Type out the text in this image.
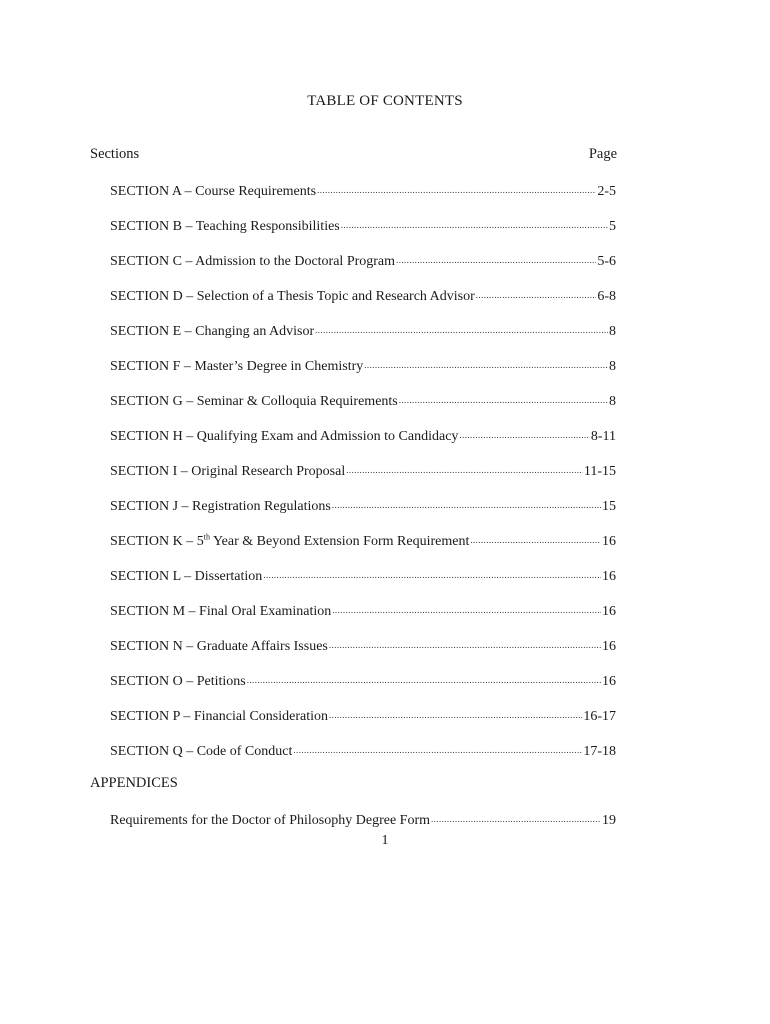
TABLE OF CONTENTS
Sections	Page
SECTION A – Course Requirements .....	2-5
SECTION B – Teaching Responsibilities .....	5
SECTION C – Admission to the Doctoral Program .....	5-6
SECTION D – Selection of a Thesis Topic and Research Advisor .....	6-8
SECTION E – Changing an Advisor .....	8
SECTION F – Master’s Degree in Chemistry .....	8
SECTION G – Seminar & Colloquia Requirements .....	8
SECTION H – Qualifying Exam and Admission to Candidacy .....	8-11
SECTION I – Original Research Proposal .....	11-15
SECTION J – Registration Regulations .....	15
SECTION K – 5th Year & Beyond Extension Form Requirement .....	16
SECTION L – Dissertation .....	16
SECTION M – Final Oral Examination .....	16
SECTION N – Graduate Affairs Issues .....	16
SECTION O – Petitions .....	16
SECTION P – Financial Consideration .....	16-17
SECTION Q – Code of Conduct .....	17-18
APPENDICES
Requirements for the Doctor of Philosophy Degree Form .....	19
1
